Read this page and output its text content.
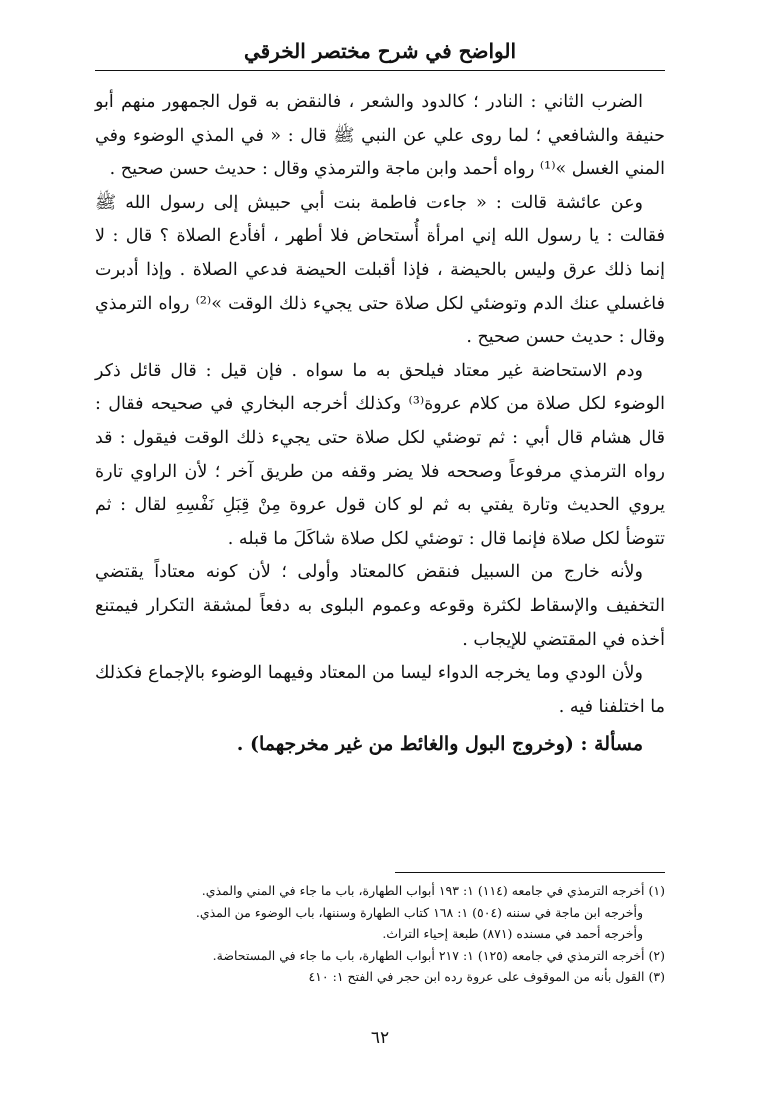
الواضح في شرح مختصر الخرقي

الضرب الثاني : النادر ؛ كالدود والشعر ، فالنقض به قول الجمهور منهم أبو حنيفة والشافعي ؛ لما روى علي عن النبي ﷺ قال : « في المذي الوضوء وفي المني الغسل »⁽¹⁾ رواه أحمد وابن ماجة والترمذي وقال : حديث حسن صحيح .

وعن عائشة قالت : « جاءت فاطمة بنت أبي حبيش إلى رسول الله ﷺ فقالت : يا رسول الله إني امرأة أُستحاض فلا أطهر ، أفأدع الصلاة ؟ قال : لا إنما ذلك عرق وليس بالحيضة ، فإذا أقبلت الحيضة فدعي الصلاة . وإذا أدبرت فاغسلي عنك الدم وتوضئي لكل صلاة حتى يجيء ذلك الوقت »⁽²⁾ رواه الترمذي وقال : حديث حسن صحيح .

ودم الاستحاضة غير معتاد فيلحق به ما سواه . فإن قيل : قال قائل ذكر الوضوء لكل صلاة من كلام عروة⁽³⁾ وكذلك أخرجه البخاري في صحيحه فقال : قال هشام قال أبي : ثم توضئي لكل صلاة حتى يجيء ذلك الوقت فيقول : قد رواه الترمذي مرفوعاً وصححه فلا يضر وقفه من طريق آخر ؛ لأن الراوي تارة يروي الحديث وتارة يفتي به ثم لو كان قول عروة مِنْ قِبَلِ نَفْسِهِ لقال : ثم تتوضأ لكل صلاة فإنما قال : توضئي لكل صلاة شاكَلَ ما قبله .

ولأنه خارج من السبيل فنقض كالمعتاد وأولى ؛ لأن كونه معتاداً يقتضي التخفيف والإسقاط لكثرة وقوعه وعموم البلوى به دفعاً لمشقة التكرار فيمتنع أخذه في المقتضي للإيجاب .

ولأن الودي وما يخرجه الدواء ليسا من المعتاد وفيهما الوضوء بالإجماع فكذلك ما اختلفنا فيه .

مسألة : (وخروج البول والغائط من غير مخرجهما) .

(١) أخرجه الترمذي في جامعه (١١٤) ١: ١٩٣ أبواب الطهارة، باب ما جاء في المني والمذي.
وأخرجه ابن ماجة في سننه (٥٠٤) ١: ١٦٨ كتاب الطهارة وسننها، باب الوضوء من المذي.
وأخرجه أحمد في مسنده (٨٧١) طبعة إحياء التراث.
(٢) أخرجه الترمذي في جامعه (١٢٥) ١: ٢١٧ أبواب الطهارة، باب ما جاء في المستحاضة.
(٣) القول بأنه من الموقوف على عروة رده ابن حجر في الفتح ١: ٤١٠
٦٢
